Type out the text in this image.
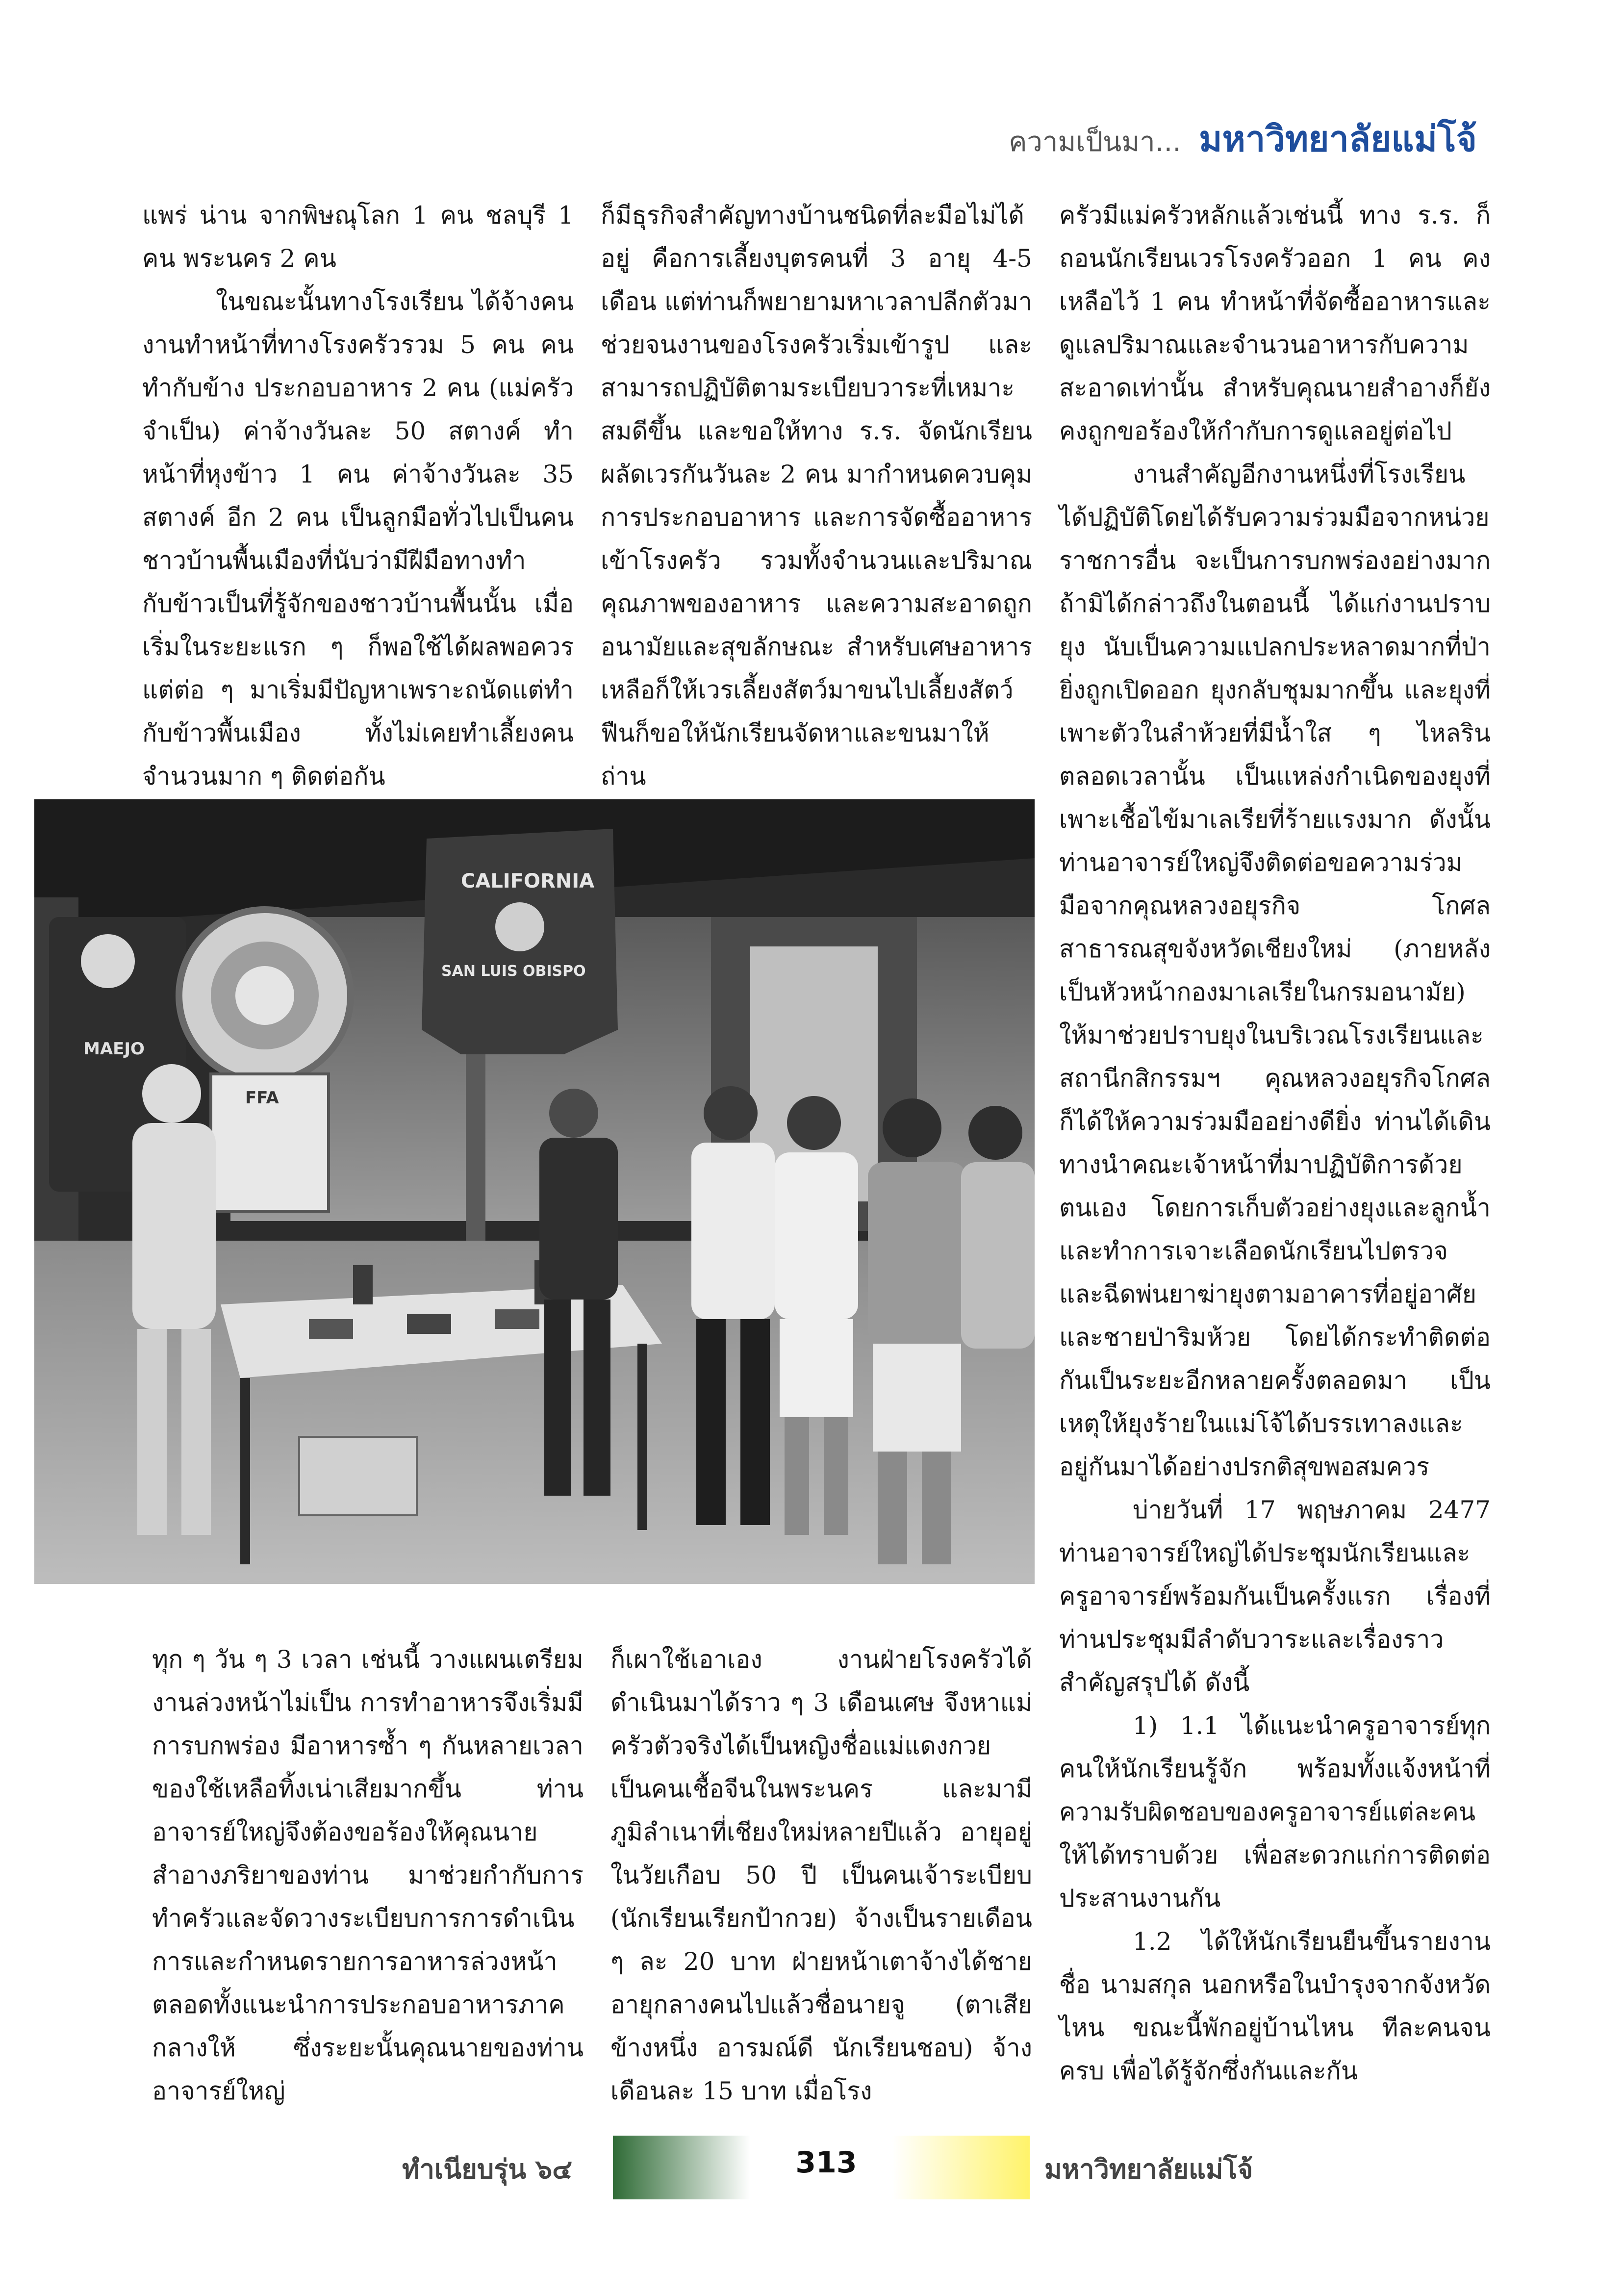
ความเป็นมา... มหาวิทยาลัยแม่โจ้

แพร่ น่าน จากพิษณุโลก 1 คน ชลบุรี 1 คน พระนคร 2 คน

ในขณะนั้นทางโรงเรียน ได้จ้างคนงานทำหน้าที่ทางโรงครัวรวม 5 คน คนทำกับข้าง ประกอบอาหาร 2 คน (แม่ครัวจำเป็น) ค่าจ้างวันละ 50 สตางค์ ทำหน้าที่หุงข้าว 1 คน ค่าจ้างวันละ 35 สตางค์ อีก 2 คน เป็นลูกมือทั่วไปเป็นคนชาวบ้านพื้นเมืองที่นับว่ามีฝีมือทางทำกับข้าวเป็นที่รู้จักของชาวบ้านพื้นนั้น เมื่อเริ่มในระยะแรก ๆ ก็พอใช้ได้ผลพอควร แต่ต่อ ๆ มาเริ่มมีปัญหาเพราะถนัดแต่ทำกับข้าวพื้นเมือง ทั้งไม่เคยทำเลี้ยงคนจำนวนมาก ๆ ติดต่อกัน

ก็มีธุรกิจสำคัญทางบ้านชนิดที่ละมือไม่ได้อยู่ คือการเลี้ยงบุตรคนที่ 3 อายุ 4-5 เดือน แต่ท่านก็พยายามหาเวลาปลีกตัวมาช่วยจนงานของโรงครัวเริ่มเข้ารูป และสามารถปฏิบัติตามระเบียบวาระที่เหมาะสมดีขึ้น และขอให้ทาง ร.ร. จัดนักเรียนผลัดเวรกันวันละ 2 คน มากำหนดควบคุมการประกอบอาหาร และการจัดซื้ออาหารเข้าโรงครัว รวมทั้งจำนวนและปริมาณคุณภาพของอาหาร และความสะอาดถูกอนามัยและสุขลักษณะ สำหรับเศษอาหารเหลือก็ให้เวรเลี้ยงสัตว์มาขนไปเลี้ยงสัตว์ ฟืนก็ขอให้นักเรียนจัดหาและขนมาให้ ถ่าน

ครัวมีแม่ครัวหลักแล้วเช่นนี้ ทาง ร.ร. ก็ถอนนักเรียนเวรโรงครัวออก 1 คน คงเหลือไว้ 1 คน ทำหน้าที่จัดซื้ออาหารและดูแลปริมาณและจำนวนอาหารกับความสะอาดเท่านั้น สำหรับคุณนายสำอางก็ยังคงถูกขอร้องให้กำกับการดูแลอยู่ต่อไป

งานสำคัญอีกงานหนึ่งที่โรงเรียนได้ปฏิบัติโดยได้รับความร่วมมือจากหน่วยราชการอื่น จะเป็นการบกพร่องอย่างมากถ้ามิได้กล่าวถึงในตอนนี้ ได้แก่งานปราบยุง นับเป็นความแปลกประหลาดมากที่ป่ายิ่งถูกเปิดออก ยุงกลับชุมมากขึ้น และยุงที่เพาะตัวในลำห้วยที่มีน้ำใส ๆ ไหลรินตลอดเวลานั้น เป็นแหล่งกำเนิดของยุงที่เพาะเชื้อไข้มาเลเรียที่ร้ายแรงมาก ดังนั้นท่านอาจารย์ใหญ่จึงติดต่อขอความร่วมมือจากคุณหลวงอยุรกิจ โกศลสาธารณสุขจังหวัดเชียงใหม่ (ภายหลังเป็นหัวหน้ากองมาเลเรียในกรมอนามัย) ให้มาช่วยปราบยุงในบริเวณโรงเรียนและสถานีกสิกรรมฯ คุณหลวงอยุรกิจโกศลก็ได้ให้ความร่วมมืออย่างดียิ่ง ท่านได้เดินทางนำคณะเจ้าหน้าที่มาปฏิบัติการด้วยตนเอง โดยการเก็บตัวอย่างยุงและลูกน้ำ และทำการเจาะเลือดนักเรียนไปตรวจ และฉีดพ่นยาฆ่ายุงตามอาคารที่อยู่อาศัยและชายป่าริมห้วย โดยได้กระทำติดต่อกันเป็นระยะอีกหลายครั้งตลอดมา เป็นเหตุให้ยุงร้ายในแม่โจ้ได้บรรเทาลงและอยู่กันมาได้อย่างปรกติสุขพอสมควร

บ่ายวันที่ 17 พฤษภาคม 2477 ท่านอาจารย์ใหญ่ได้ประชุมนักเรียนและครูอาจารย์พร้อมกันเป็นครั้งแรก เรื่องที่ท่านประชุมมีลำดับวาระและเรื่องราวสำคัญสรุปได้ ดังนี้

1) 1.1 ได้แนะนำครูอาจารย์ทุกคนให้นักเรียนรู้จัก พร้อมทั้งแจ้งหน้าที่ความรับผิดชอบของครูอาจารย์แต่ละคนให้ได้ทราบด้วย เพื่อสะดวกแก่การติดต่อประสานงานกัน

1.2 ได้ให้นักเรียนยืนขึ้นรายงานชื่อ นามสกุล นอกหรือในบำรุงจากจังหวัดไหน ขณะนี้พักอยู่บ้านไหน ทีละคนจนครบ เพื่อได้รู้จักซึ่งกันและกัน

MAEJO
CALIFORNIA
SAN LUIS OBISPO
FFA

ทุก ๆ วัน ๆ 3 เวลา เช่นนี้ วางแผนเตรียมงานล่วงหน้าไม่เป็น การทำอาหารจึงเริ่มมีการบกพร่อง มีอาหารซ้ำ ๆ กันหลายเวลา ของใช้เหลือทิ้งเน่าเสียมากขึ้น ท่านอาจารย์ใหญ่จึงต้องขอร้องให้คุณนายสำอางภริยาของท่าน มาช่วยกำกับการทำครัวและจัดวางระเบียบการการดำเนินการและกำหนดรายการอาหารล่วงหน้า ตลอดทั้งแนะนำการประกอบอาหารภาคกลางให้ ซึ่งระยะนั้นคุณนายของท่านอาจารย์ใหญ่

ก็เผาใช้เอาเอง งานฝ่ายโรงครัวได้ดำเนินมาได้ราว ๆ 3 เดือนเศษ จึงหาแม่ครัวตัวจริงได้เป็นหญิงชื่อแม่แดงกวย เป็นคนเชื้อจีนในพระนคร และมามีภูมิลำเนาที่เชียงใหม่หลายปีแล้ว อายุอยู่ในวัยเกือบ 50 ปี เป็นคนเจ้าระเบียบ (นักเรียนเรียกป้ากวย) จ้างเป็นรายเดือน ๆ ละ 20 บาท ฝ่ายหน้าเตาจ้างได้ชายอายุกลางคนไปแล้วชื่อนายจู (ตาเสียข้างหนึ่ง อารมณ์ดี นักเรียนชอบ) จ้างเดือนละ 15 บาท เมื่อโรง

ทำเนียบรุ่น ๖๔	313	มหาวิทยาลัยแม่โจ้
